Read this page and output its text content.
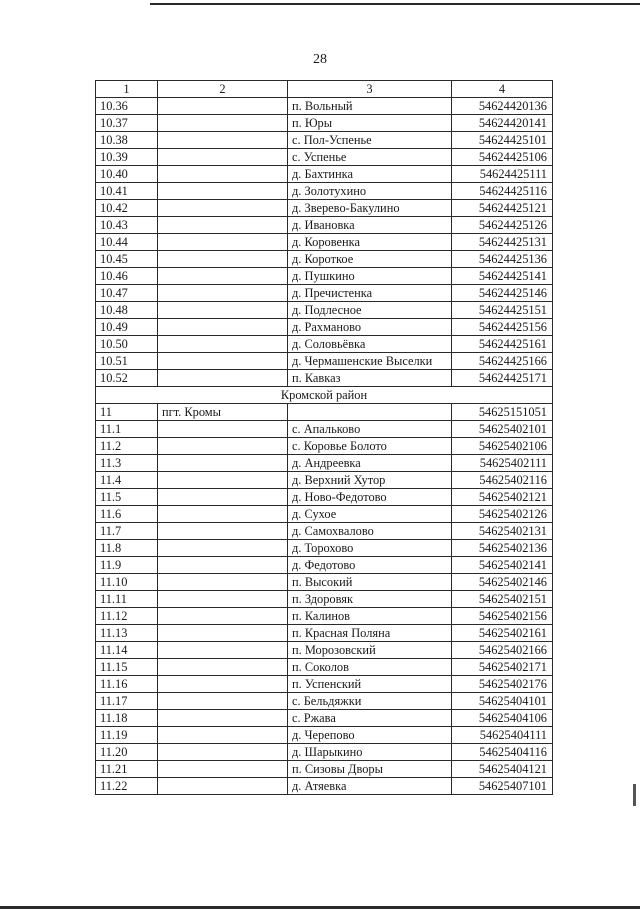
28
1	2	3	4
10.36		п. Вольный	54624420136
10.37		п. Юры	54624420141
10.38		с. Пол-Успенье	54624425101
10.39		с. Успенье	54624425106
10.40		д. Бахтинка	54624425111
10.41		д. Золотухино	54624425116
10.42		д. Зверево-Бакулино	54624425121
10.43		д. Ивановка	54624425126
10.44		д. Коровенка	54624425131
10.45		д. Короткое	54624425136
10.46		д. Пушкино	54624425141
10.47		д. Пречистенка	54624425146
10.48		д. Подлесное	54624425151
10.49		д. Рахманово	54624425156
10.50		д. Соловьёвка	54624425161
10.51		д. Чермашенские Выселки	54624425166
10.52		п. Кавказ	54624425171
Кромской район			
11	пгт. Кромы		54625151051
11.1		с. Апальково	54625402101
11.2		с. Коровье Болото	54625402106
11.3		д. Андреевка	54625402111
11.4		д. Верхний Хутор	54625402116
11.5		д. Ново-Федотово	54625402121
11.6		д. Сухое	54625402126
11.7		д. Самохвалово	54625402131
11.8		д. Торохово	54625402136
11.9		д. Федотово	54625402141
11.10		п. Высокий	54625402146
11.11		п. Здоровяк	54625402151
11.12		п. Калинов	54625402156
11.13		п. Красная Поляна	54625402161
11.14		п. Морозовский	54625402166
11.15		п. Соколов	54625402171
11.16		п. Успенский	54625402176
11.17		с. Бельдяжки	54625404101
11.18		с. Ржава	54625404106
11.19		д. Черепово	54625404111
11.20		д. Шарыкино	54625404116
11.21		п. Сизовы Дворы	54625404121
11.22		д. Атяевка	54625407101
